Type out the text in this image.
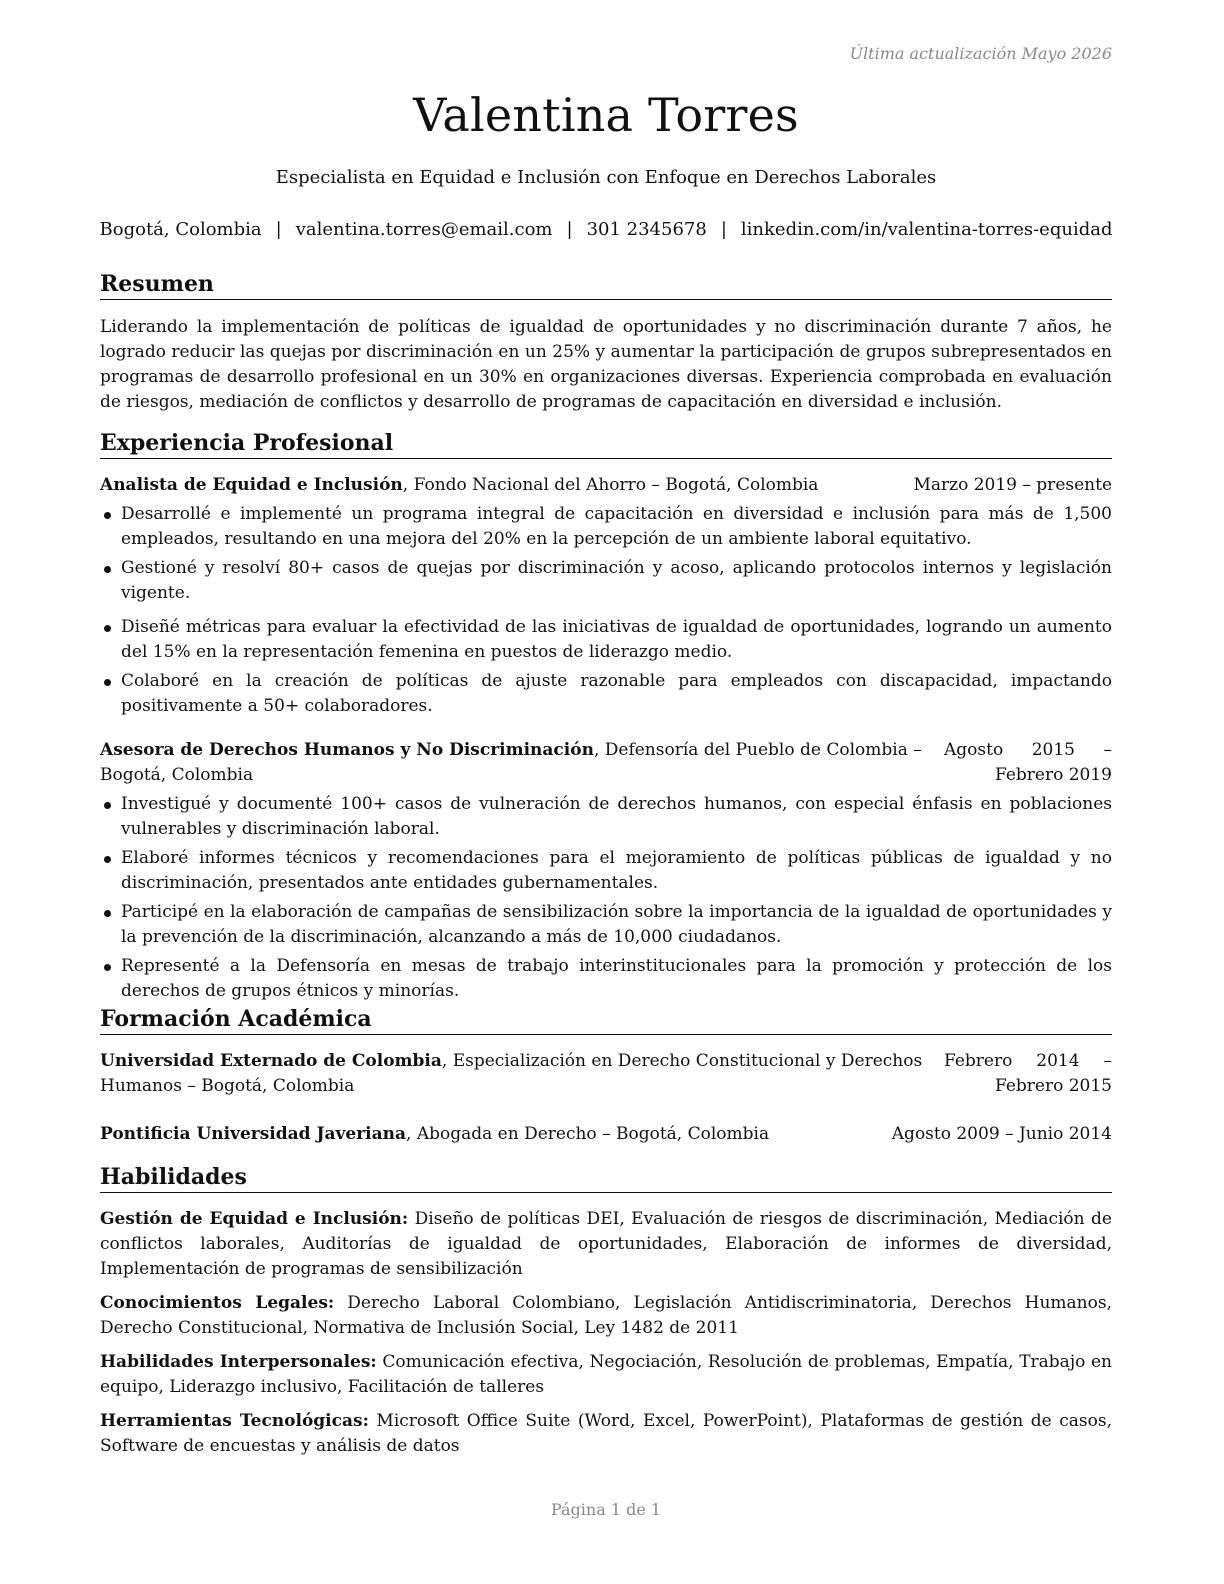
Última actualización Mayo 2026
Valentina Torres
Especialista en Equidad e Inclusión con Enfoque en Derechos Laborales
Bogotá, Colombia | valentina.torres@email.com | 301 2345678 | linkedin.com/in/valentina-torres-equidad
Resumen
Liderando la implementación de políticas de igualdad de oportunidades y no discriminación durante 7 años, he logrado reducir las quejas por discriminación en un 25% y aumentar la participación de grupos subrepresentados en programas de desarrollo profesional en un 30% en organizaciones diversas. Experiencia comprobada en evaluación de riesgos, mediación de conflictos y desarrollo de programas de capacitación en diversidad e inclusión.
Experiencia Profesional
Analista de Equidad e Inclusión, Fondo Nacional del Ahorro – Bogotá, Colombia	Marzo 2019 – presente
Desarrollé e implementé un programa integral de capacitación en diversidad e inclusión para más de 1,500 empleados, resultando en una mejora del 20% en la percepción de un ambiente laboral equitativo.
Gestioné y resolví 80+ casos de quejas por discriminación y acoso, aplicando protocolos internos y legislación vigente.
Diseñé métricas para evaluar la efectividad de las iniciativas de igualdad de oportunidades, logrando un aumento del 15% en la representación femenina en puestos de liderazgo medio.
Colaboré en la creación de políticas de ajuste razonable para empleados con discapacidad, impactando positivamente a 50+ colaboradores.
Asesora de Derechos Humanos y No Discriminación, Defensoría del Pueblo de Colombia – Bogotá, Colombia
Agosto 2015 – Febrero 2019
Investigué y documenté 100+ casos de vulneración de derechos humanos, con especial énfasis en poblaciones vulnerables y discriminación laboral.
Elaboré informes técnicos y recomendaciones para el mejoramiento de políticas públicas de igualdad y no discriminación, presentados ante entidades gubernamentales.
Participé en la elaboración de campañas de sensibilización sobre la importancia de la igualdad de oportunidades y la prevención de la discriminación, alcanzando a más de 10,000 ciudadanos.
Representé a la Defensoría en mesas de trabajo interinstitucionales para la promoción y protección de los derechos de grupos étnicos y minorías.
Formación Académica
Universidad Externado de Colombia, Especialización en Derecho Constitucional y Derechos Humanos – Bogotá, Colombia
Febrero 2014 – Febrero 2015
Pontificia Universidad Javeriana, Abogada en Derecho – Bogotá, Colombia	Agosto 2009 – Junio 2014
Habilidades
Gestión de Equidad e Inclusión: Diseño de políticas DEI, Evaluación de riesgos de discriminación, Mediación de conflictos laborales, Auditorías de igualdad de oportunidades, Elaboración de informes de diversidad, Implementación de programas de sensibilización
Conocimientos Legales: Derecho Laboral Colombiano, Legislación Antidiscriminatoria, Derechos Humanos, Derecho Constitucional, Normativa de Inclusión Social, Ley 1482 de 2011
Habilidades Interpersonales: Comunicación efectiva, Negociación, Resolución de problemas, Empatía, Trabajo en equipo, Liderazgo inclusivo, Facilitación de talleres
Herramientas Tecnológicas: Microsoft Office Suite (Word, Excel, PowerPoint), Plataformas de gestión de casos, Software de encuestas y análisis de datos
Página 1 de 1
